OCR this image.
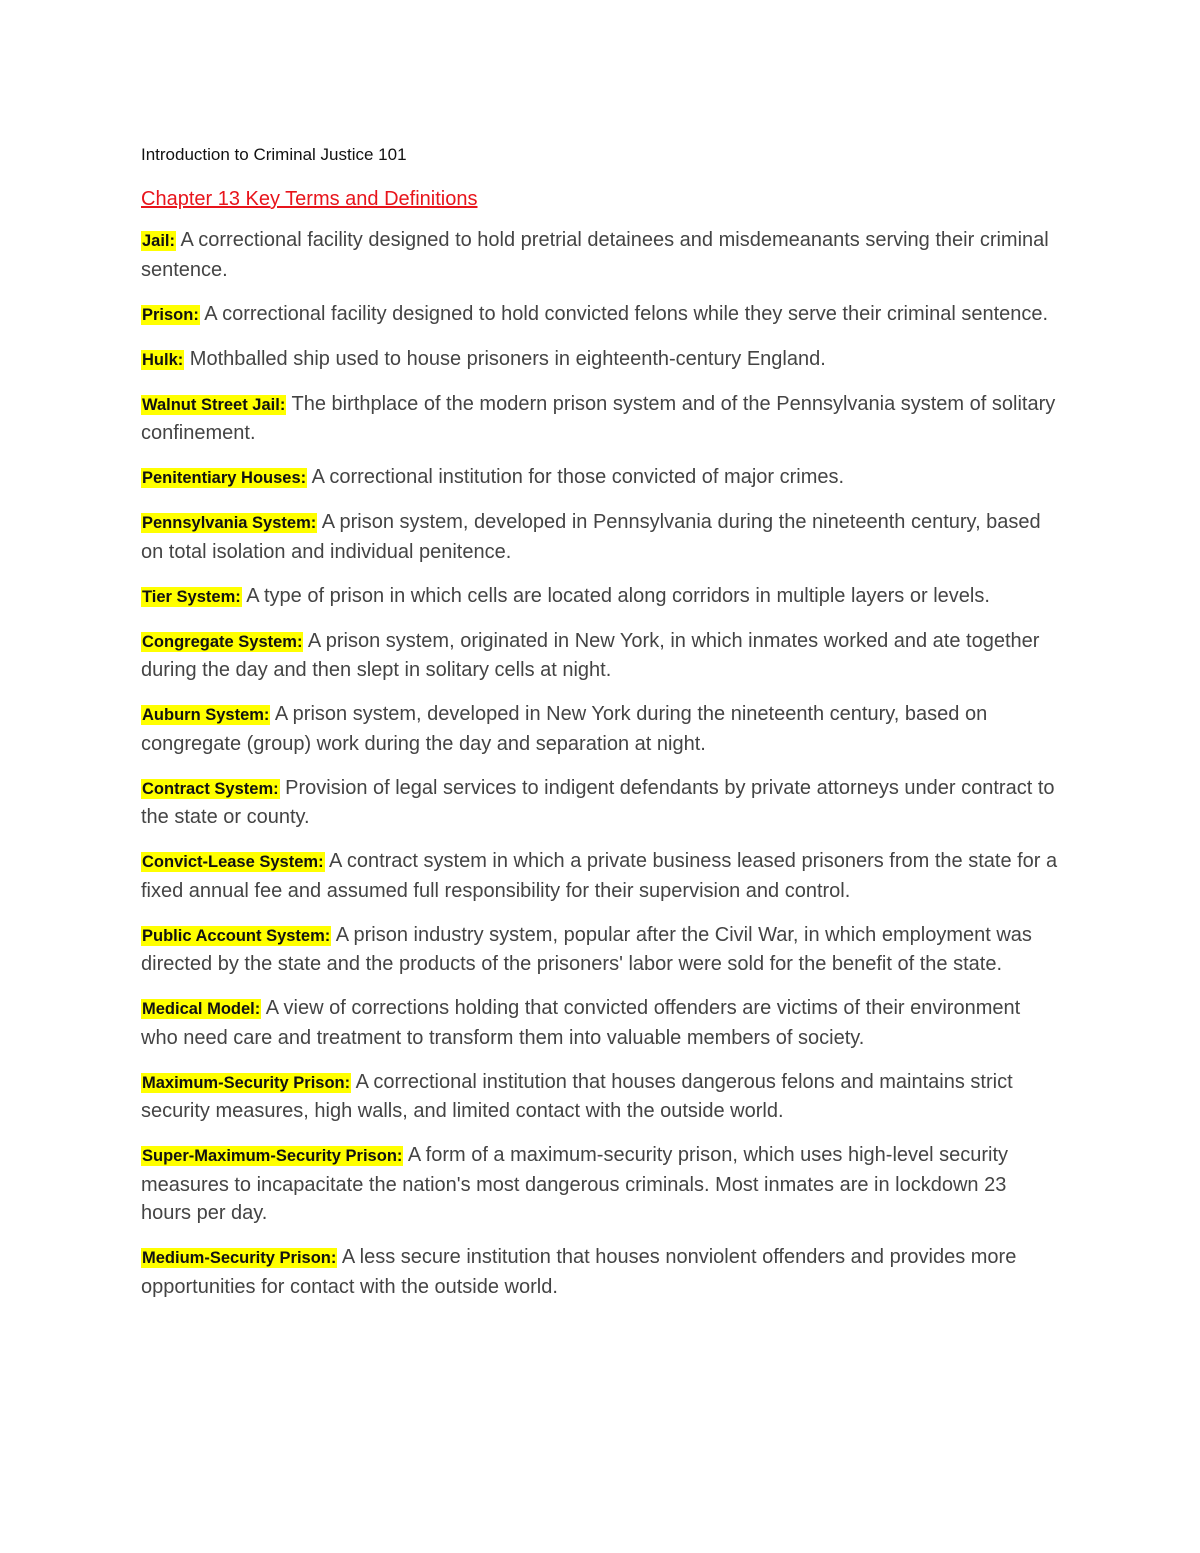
Introduction to Criminal Justice 101
Chapter 13 Key Terms and Definitions
Jail: A correctional facility designed to hold pretrial detainees and misdemeanants serving their criminal sentence.
Prison: A correctional facility designed to hold convicted felons while they serve their criminal sentence.
Hulk: Mothballed ship used to house prisoners in eighteenth-century England.
Walnut Street Jail: The birthplace of the modern prison system and of the Pennsylvania system of solitary confinement.
Penitentiary Houses: A correctional institution for those convicted of major crimes.
Pennsylvania System: A prison system, developed in Pennsylvania during the nineteenth century, based on total isolation and individual penitence.
Tier System: A type of prison in which cells are located along corridors in multiple layers or levels.
Congregate System: A prison system, originated in New York, in which inmates worked and ate together during the day and then slept in solitary cells at night.
Auburn System: A prison system, developed in New York during the nineteenth century, based on congregate (group) work during the day and separation at night.
Contract System: Provision of legal services to indigent defendants by private attorneys under contract to the state or county.
Convict-Lease System: A contract system in which a private business leased prisoners from the state for a fixed annual fee and assumed full responsibility for their supervision and control.
Public Account System: A prison industry system, popular after the Civil War, in which employment was directed by the state and the products of the prisoners' labor were sold for the benefit of the state.
Medical Model: A view of corrections holding that convicted offenders are victims of their environment who need care and treatment to transform them into valuable members of society.
Maximum-Security Prison: A correctional institution that houses dangerous felons and maintains strict security measures, high walls, and limited contact with the outside world.
Super-Maximum-Security Prison: A form of a maximum-security prison, which uses high-level security measures to incapacitate the nation's most dangerous criminals. Most inmates are in lockdown 23 hours per day.
Medium-Security Prison: A less secure institution that houses nonviolent offenders and provides more opportunities for contact with the outside world.
